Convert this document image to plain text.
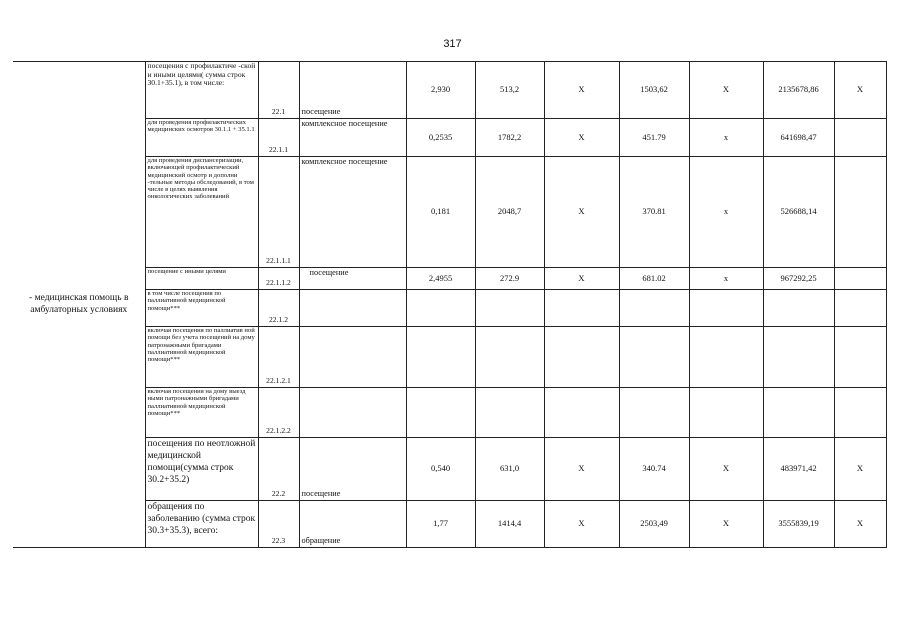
317
- медицинская помощь в амбулаторных условиях	посещения с профилактиче -ской и иными целями( сумма строк 30.1+35.1), в том числе:	22.1	посещение	2,930	513,2	Х	1503,62	Х	2135678,86	Х
	для проведения профилактических медицинских осмотров 30.1.1 + 35.1.1	22.1.1	комплексное посещение	0,2535	1782,2	Х	451.79	х	641698,47	
	для проведения диспансеризации, включающей профилактический медицинский осмотр и дополни -тельные методы обследований, в том числе в целях выявления онкологических заболеваний	22.1.1.1	комплексное посещение	0,181	2048,7	Х	370.81	х	526688,14	
	посещение с иными целями	22.1.1.2	посещение	2,4955	272.9	Х	681.02	х	967292,25	
	в том числе посещения по паллиативной медицинской помощи***	22.1.2								
	включая посещения по паллиатив ной помощи без учета посещений на дому патронажными бригадами паллиативной медицинской помощи***	22.1.2.1								
	включая посещения на дому выезд ными патронажными бригадами паллиативной медицинской помощи***	22.1.2.2								
	посещения по неотложной медицинской помощи(сумма строк 30.2+35.2)	22.2	посещение	0,540	631,0	Х	340.74	Х	483971,42	Х
	обращения по заболеванию (сумма строк 30.3+35.3), всего:	22.3	обращение	1,77	1414,4	Х	2503,49	Х	3555839,19	Х
